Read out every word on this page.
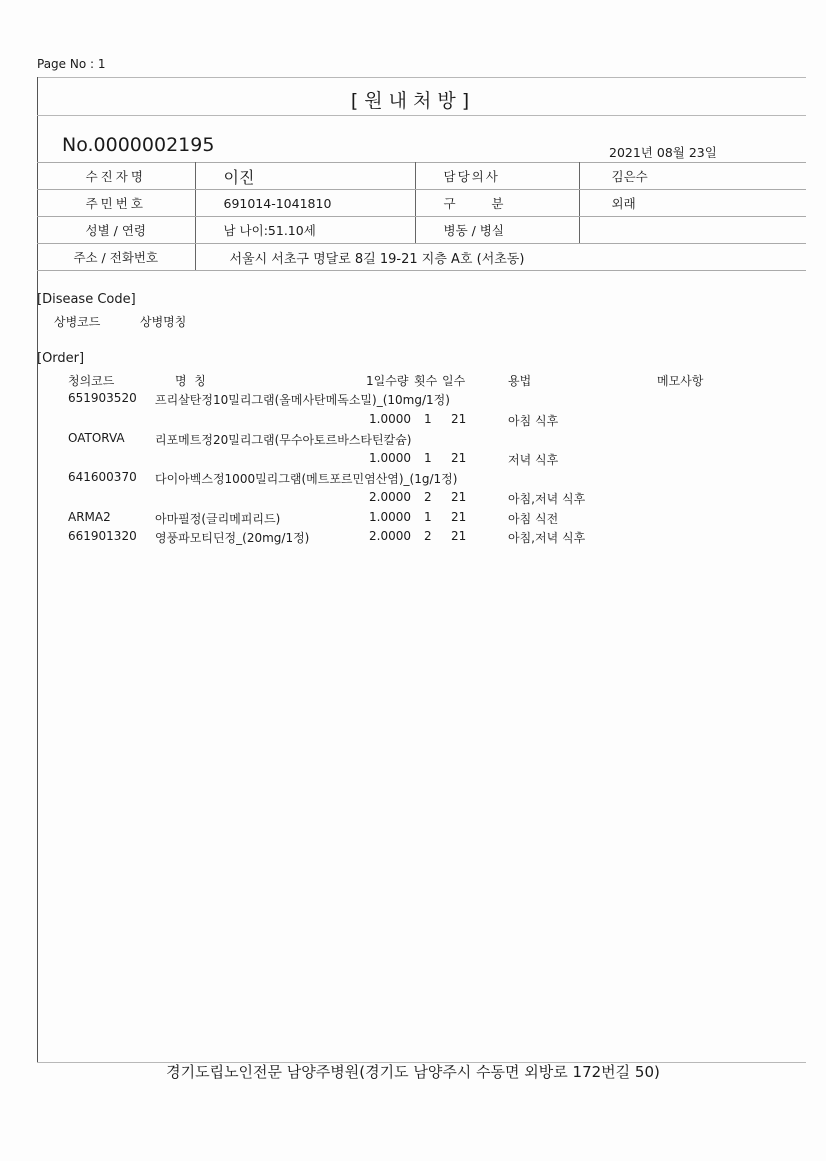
Page No : 1
[원내처방]
No.0000002195	2021년 08월 23일
수진자명	이진	담당의사	김은수
주민번호	691014-1041810	구  분	외래
성별 / 연령	남 나이:51.10세	병동 / 병실	
주소 / 전화번호	서울시 서초구 명달로 8길 19-21 지층 A호 (서초동)		
[Disease Code]
상병코드	상병명칭
[Order]
청의코드	명  칭	1일수량 횟수 일수	용법	메모사항
651903520 프리살탄정10밀리그램(올메사탄메독소밀)_(10mg/1정)
1.0000 1 21	아침 식후
OATORVA	리포메트정20밀리그램(무수아토르바스타틴칼슘)
1.0000 1 21	저녁 식후
641600370 다이아벡스정1000밀리그램(메트포르민염산염)_(1g/1정)
2.0000 2 21	아침,저녁 식후
ARMA2	아마필정(글리메피리드)	1.0000 1 21	아침 식전
661901320 영풍파모티딘정_(20mg/1정)	2.0000 2 21	아침,저녁 식후
경기도립노인전문 남양주병원(경기도 남양주시 수동면 외방로 172번길 50)
